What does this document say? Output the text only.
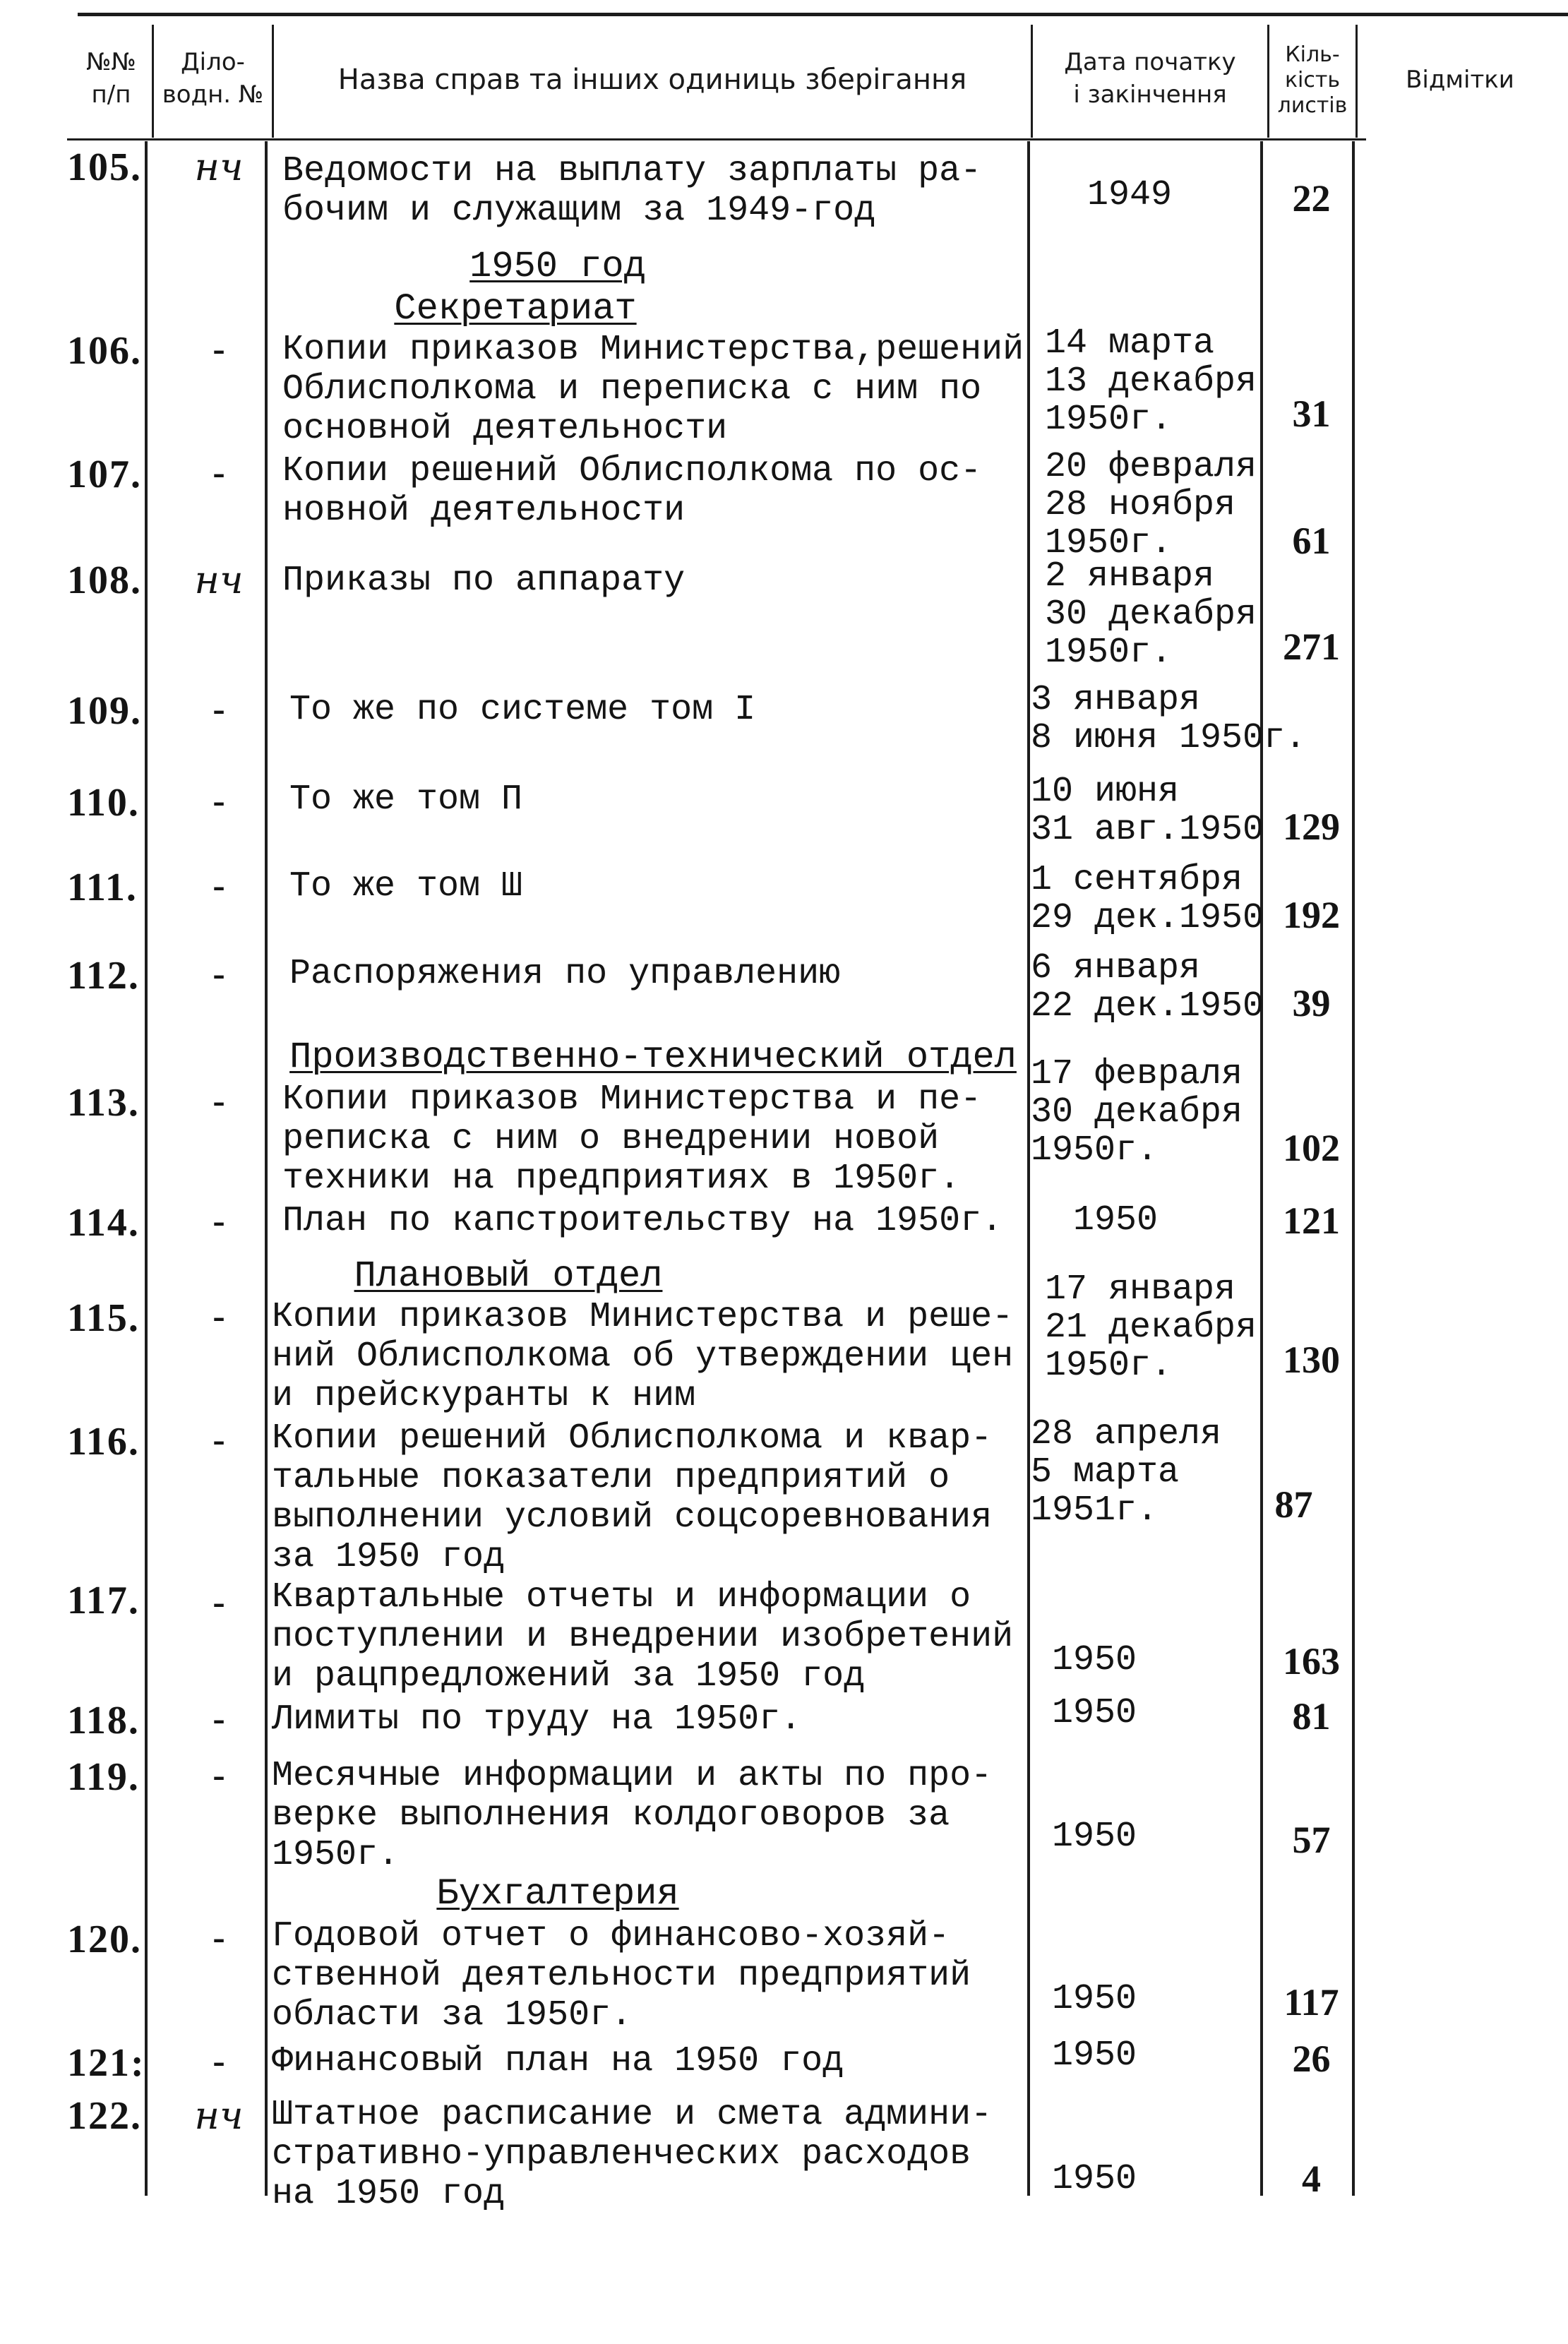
№№
п/п
Діло-
водн. №	Назва справ та інших одиниць зберігання
Дата початку
і закінчення
Кіль-
кість
листів
Відмітки
1950 год
Секретариат
Производственно-технический отдел
Плановый отдел
Бухгалтерия
105.	нч	Ведомости на выплату зарплаты ра-
бочим и служащим за 1949-год	1949	22
106.	-	Копии приказов Министерства,решений
Облисполкома и переписка с ним по
основной деятельности
14 марта
13 декабря
1950г.	31
107.	-	Копии решений Облисполкома по ос-
новной деятельности
20 февраля
28 ноября
1950г.	61
108.	нч	Приказы по аппарату	2 января
30 декабря
1950г.	271
109.	-	То же по системе том I	3 января
8 июня 1950г.
110.	-	То же том П	10 июня
31 авг.1950 129
111.	-	То же том Ш	1 сентября
29 дек.1950 192
112.	-	Распоряжения по управлению	6 января
22 дек.1950 39
113.	-	Копии приказов Министерства и пе-
реписка с ним о внедрении новой
техники на предприятиях в 1950г.
17 февраля
30 декабря
1950г.	102
114.	-	План по капстроительству на 1950г.	1950	121
115.	-	Копии приказов Министерства и реше-
ний Облисполкома об утверждении цен
и прейскуранты к ним
17 января
21 декабря
1950г.	130
116.	-	Копии решений Облисполкома и квар-
тальные показатели предприятий о
выполнении условий соцсоревнования
за 1950 год
28 апреля
5 марта
1951г.	87
117.	-	Квартальные отчеты и информации о
поступлении и внедрении изобретений
и рацпредложений за 1950 год	1950	163
118.	-	Лимиты по труду на 1950г.	1950	81
119.	-	Месячные информации и акты по про-
верке выполнения колдоговоров за
1950г.	1950	57
120.	-	Годовой отчет о финансово-хозяй-
ственной деятельности предприятий
области за 1950г.	1950	117
121:	-	Финансовый план на 1950 год	1950	26
122.	нч Штатное расписание и смета админи-
стративно-управленческих расходов
на 1950 год	1950	4
